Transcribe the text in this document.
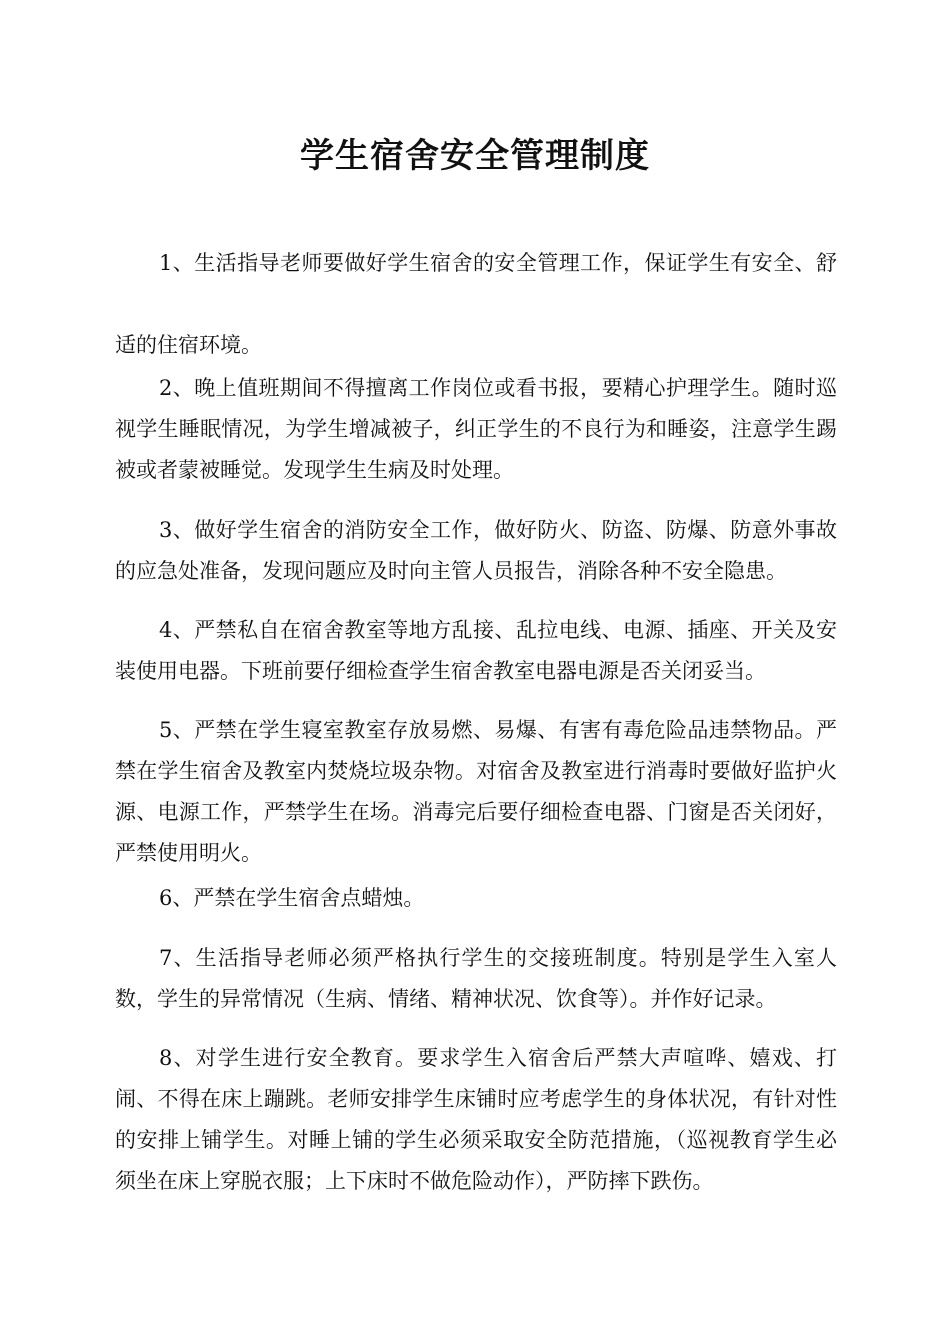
学生宿舍安全管理制度

1、生活指导老师要做好学生宿舍的安全管理工作，保证学生有安全、舒适的住宿环境。

2、晚上值班期间不得擅离工作岗位或看书报，要精心护理学生。随时巡视学生睡眠情况，为学生增减被子，纠正学生的不良行为和睡姿，注意学生踢被或者蒙被睡觉。发现学生生病及时处理。

3、做好学生宿舍的消防安全工作，做好防火、防盗、防爆、防意外事故的应急处准备，发现问题应及时向主管人员报告，消除各种不安全隐患。

4、严禁私自在宿舍教室等地方乱接、乱拉电线、电源、插座、开关及安装使用电器。下班前要仔细检查学生宿舍教室电器电源是否关闭妥当。

5、严禁在学生寝室教室存放易燃、易爆、有害有毒危险品违禁物品。严禁在学生宿舍及教室内焚烧垃圾杂物。对宿舍及教室进行消毒时要做好监护火源、电源工作，严禁学生在场。消毒完后要仔细检查电器、门窗是否关闭好，严禁使用明火。

6、严禁在学生宿舍点蜡烛。

7、生活指导老师必须严格执行学生的交接班制度。特别是学生入室人数，学生的异常情况（生病、情绪、精神状况、饮食等）。并作好记录。

8、对学生进行安全教育。要求学生入宿舍后严禁大声喧哗、嬉戏、打闹、不得在床上蹦跳。老师安排学生床铺时应考虑学生的身体状况，有针对性的安排上铺学生。对睡上铺的学生必须采取安全防范措施，（巡视教育学生必须坐在床上穿脱衣服；上下床时不做危险动作），严防摔下跌伤。
